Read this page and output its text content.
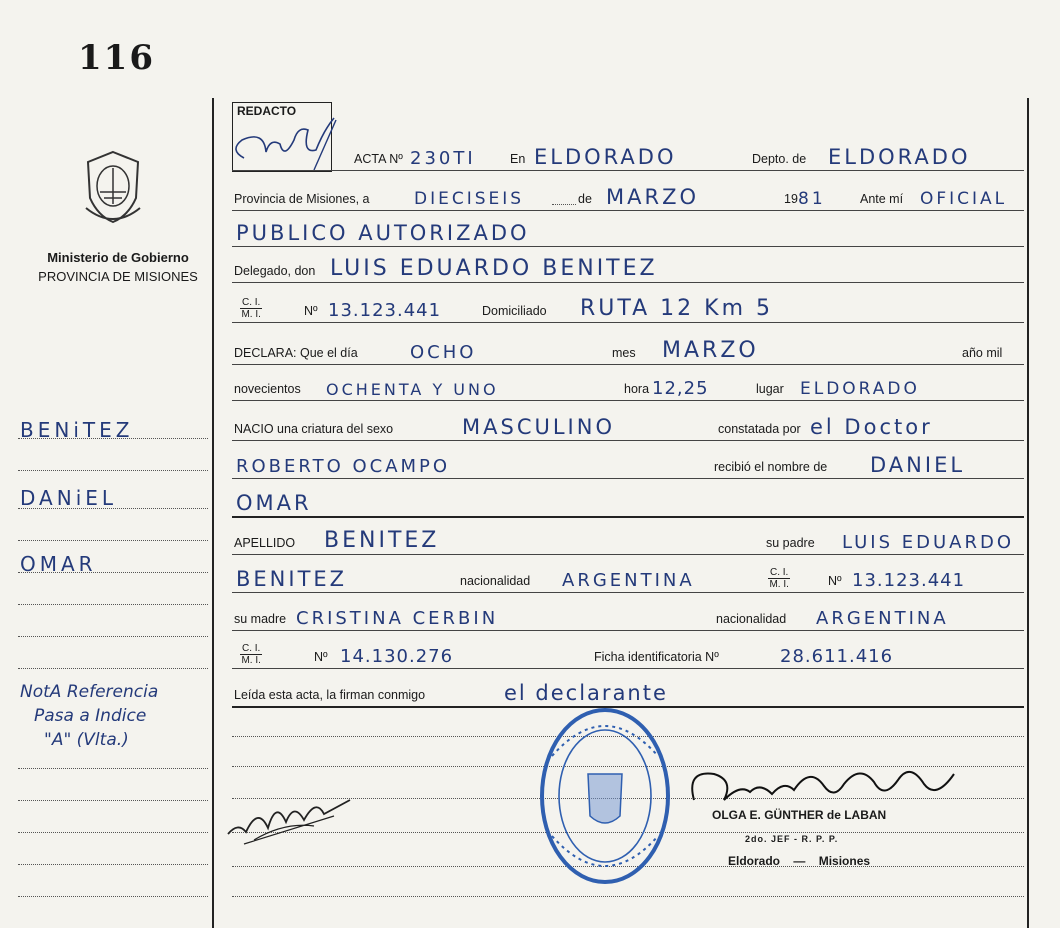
116
Ministerio de Gobierno
PROVINCIA DE MISIONES
BENiTEZ
DANiEL
OMAR
NotA Referencia
Pasa a Indice
"A" (Vlta.)
REDACTO
ACTA Nº 230TI	En ELDORADO	Depto. de ELDORADO
Provincia de Misiones, a	DIECISEIS	de MARZO	19 81	Ante mí OFICIAL
PUBLICO AUTORIZADO
Delegado, don LUIS EDUARDO BENITEZ
$\frac{C. I.}{M. I.}$	Nº 13.123.441	Domiciliado RUTA 12 Km 5
DECLARA: Que el día	OCHO	mes MARZO	año mil
novecientos OCHENTA Y UNO	hora 12,25	lugar ELDORADO
NACIO una criatura del sexo	MASCULINO	constatada por el Doctor
ROBERTO OCAMPO	recibió el nombre de DANIEL
OMAR
APELLIDO BENITEZ	su padre LUIS EDUARDO
BENITEZ	nacionalidad ARGENTINA	$\frac{C. I.}{M. I.}$	Nº 13.123.441
su madre CRISTINA CERBIN	nacionalidad ARGENTINA
$\frac{C. I.}{M. I.}$	Nº 14.130.276	Ficha identificatoria Nº	28.611.416
Leída esta acta, la firman conmigo	el declarante
OLGA E. GÜNTHER de LABAN
2do. JEF - R. P. P.
Eldorado — Misiones
